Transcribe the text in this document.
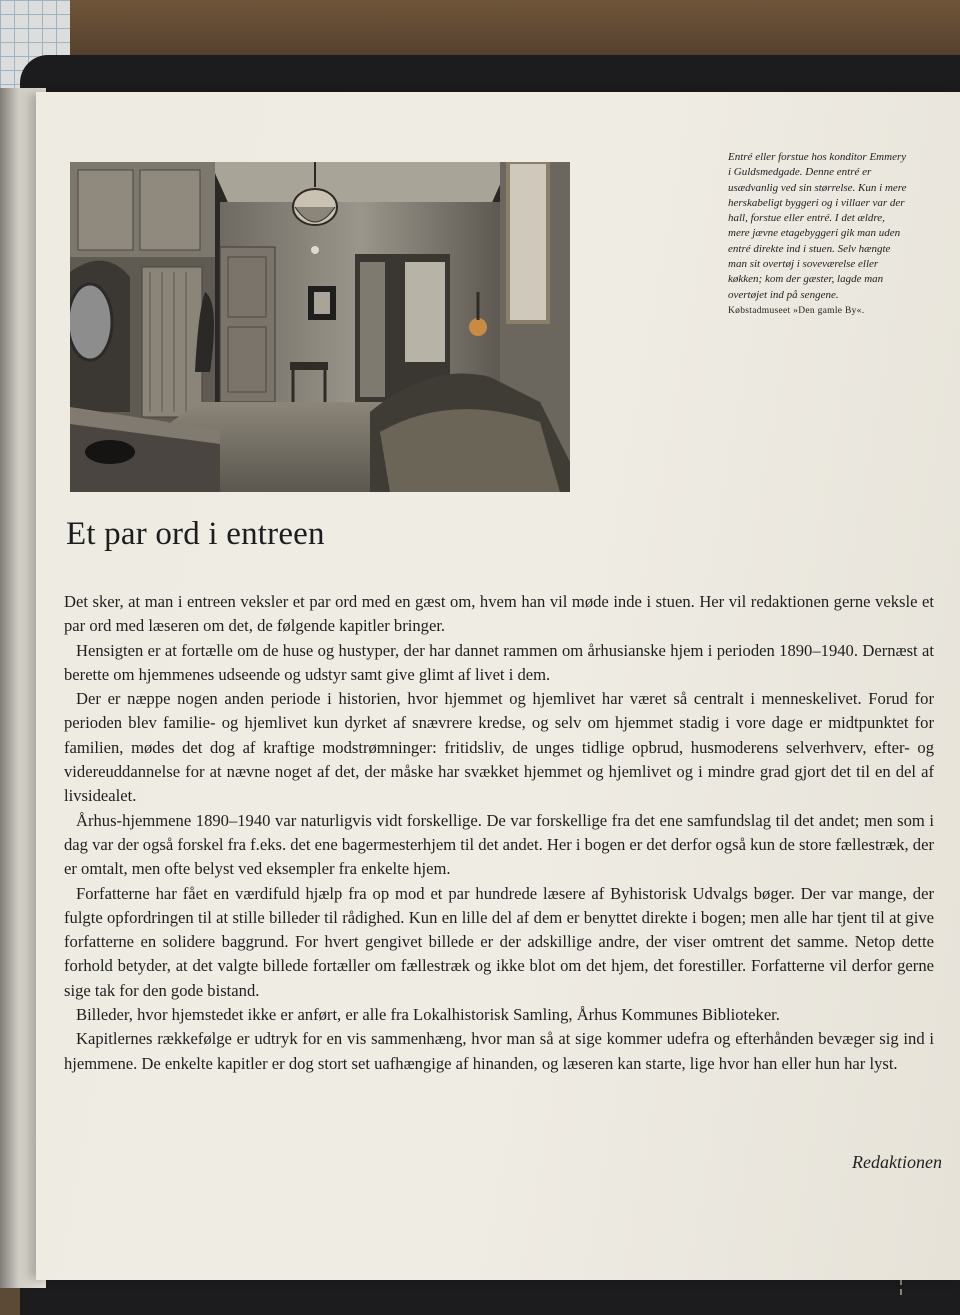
Entré eller forstue hos konditor Emmery i Guldsmedgade. Denne entré er usædvanlig ved sin størrelse. Kun i mere herskabeligt byggeri og i villaer var der hall, forstue eller entré. I det ældre, mere jævne etagebyggeri gik man uden entré direkte ind i stuen. Selv hængte man sit overtøj i soveværelse eller køkken; kom der gæster, lagde man overtøjet ind på sengene.
Købstadmuseet »Den gamle By«.
Et par ord i entreen

Det sker, at man i entreen veksler et par ord med en gæst om, hvem han vil møde inde i stuen. Her vil redaktionen gerne veksle et par ord med læseren om det, de følgende kapitler bringer.

Hensigten er at fortælle om de huse og hustyper, der har dannet rammen om århusianske hjem i perioden 1890–1940. Dernæst at berette om hjemmenes udseende og udstyr samt give glimt af livet i dem.

Der er næppe nogen anden periode i historien, hvor hjemmet og hjemlivet har været så centralt i menneskelivet. Forud for perioden blev familie- og hjemlivet kun dyrket af snævrere kredse, og selv om hjemmet stadig i vore dage er midtpunktet for familien, mødes det dog af kraftige modstrømninger: fritidsliv, de unges tidlige opbrud, husmoderens selverhverv, efter- og videreuddannelse for at nævne noget af det, der måske har svækket hjemmet og hjemlivet og i mindre grad gjort det til en del af livsidealet.

Århus-hjemmene 1890–1940 var naturligvis vidt forskellige. De var forskellige fra det ene samfundslag til det andet; men som i dag var der også forskel fra f.eks. det ene bagermesterhjem til det andet. Her i bogen er det derfor også kun de store fællestræk, der er omtalt, men ofte belyst ved eksempler fra enkelte hjem.

Forfatterne har fået en værdifuld hjælp fra op mod et par hundrede læsere af Byhistorisk Udvalgs bøger. Der var mange, der fulgte opfordringen til at stille billeder til rådighed. Kun en lille del af dem er benyttet direkte i bogen; men alle har tjent til at give forfatterne en solidere baggrund. For hvert gengivet billede er der adskillige andre, der viser omtrent det samme. Netop dette forhold betyder, at det valgte billede fortæller om fællestræk og ikke blot om det hjem, det forestiller. Forfatterne vil derfor gerne sige tak for den gode bistand.

Billeder, hvor hjemstedet ikke er anført, er alle fra Lokalhistorisk Samling, Århus Kommunes Biblioteker.

Kapitlernes rækkefølge er udtryk for en vis sammenhæng, hvor man så at sige kommer udefra og efterhånden bevæger sig ind i hjemmene. De enkelte kapitler er dog stort set uafhængige af hinanden, og læseren kan starte, lige hvor han eller hun har lyst.

Redaktionen
